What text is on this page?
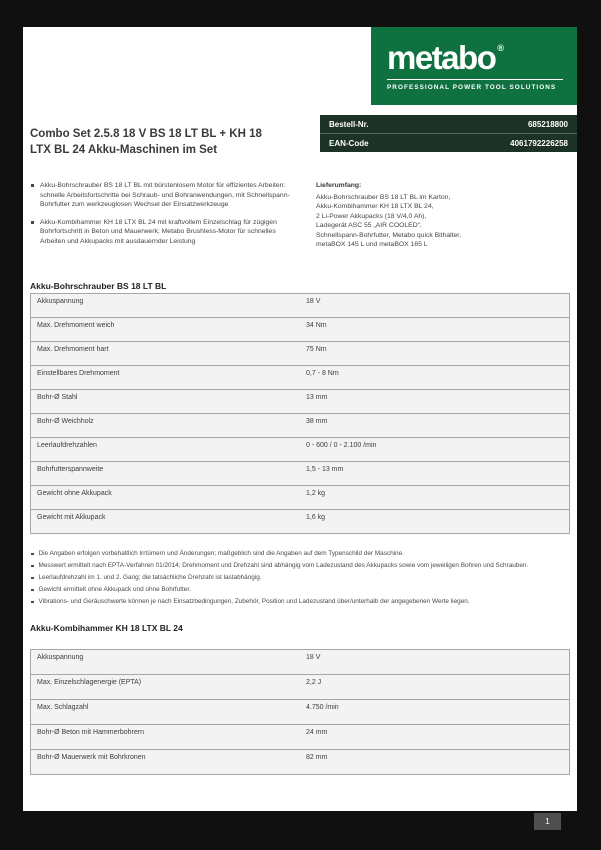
metabo ®
PROFESSIONAL POWER TOOL SOLUTIONS
Bestell-Nr.	685218800
EAN-Code	4061792226258
Combo Set 2.5.8 18 V BS 18 LT BL + KH 18
LTX BL 24 Akku-Maschinen im Set
Akku-Bohrschrauber BS 18 LT BL mit bürstenlosem Motor für effizientes Arbeiten: schnelle Arbeitsfortschritte bei Schraub- und Bohranwendungen, mit Schnellspann-Bohrfutter zum werkzeuglosen Wechsel der Einsatzwerkzeuge
Akku-Kombihammer KH 18 LTX BL 24 mit kraftvollem Einzelschlag für zügigen Bohrfortschritt in Beton und Mauerwerk; Metabo Brushless-Motor für schnelles Arbeiten und Akkupacks mit ausdauernder Leistung
Lieferumfang:
Akku-Bohrschrauber BS 18 LT BL im Karton,
Akku-Kombihammer KH 18 LTX BL 24,
2 Li-Power Akkupacks (18 V/4,0 Ah),
Ladegerät ASC 55 „AIR COOLED“,
Schnellspann-Bohrfutter, Metabo quick Bithalter,
metaBOX 145 L und metaBOX 165 L
Akku-Bohrschrauber BS 18 LT BL
Akkuspannung	18 V
Max. Drehmoment weich	34 Nm
Max. Drehmoment hart	75 Nm
Einstellbares Drehmoment	0,7 - 8 Nm
Bohr-Ø Stahl	13 mm
Bohr-Ø Weichholz	38 mm
Leerlaufdrehzahlen	0 - 600 / 0 - 2.100 /min
Bohrfutterspannweite	1,5 - 13 mm
Gewicht ohne Akkupack	1,2 kg
Gewicht mit Akkupack	1,6 kg
Die Angaben erfolgen vorbehaltlich Irrtümern und Änderungen; maßgeblich sind die Angaben auf dem Typenschild der Maschine.
Messwert ermittelt nach EPTA-Verfahren 01/2014; Drehmoment und Drehzahl sind abhängig vom Ladezustand des Akkupacks sowie vom jeweiligen Bohren und Schrauben.
Leerlaufdrehzahl im 1. und 2. Gang; die tatsächliche Drehzahl ist lastabhängig.
Gewicht ermittelt ohne Akkupack und ohne Bohrfutter.
Vibrations- und Geräuschwerte können je nach Einsatzbedingungen, Zubehör, Position und Ladezustand über/unterhalb der angegebenen Werte liegen.
Akku-Kombihammer KH 18 LTX BL 24
Akkuspannung	18 V
Max. Einzelschlagenergie (EPTA)	2,2 J
Max. Schlagzahl	4.750 /min
Bohr-Ø Beton mit Hammerbohrern	24 mm
Bohr-Ø Mauerwerk mit Bohrkronen	82 mm
1
